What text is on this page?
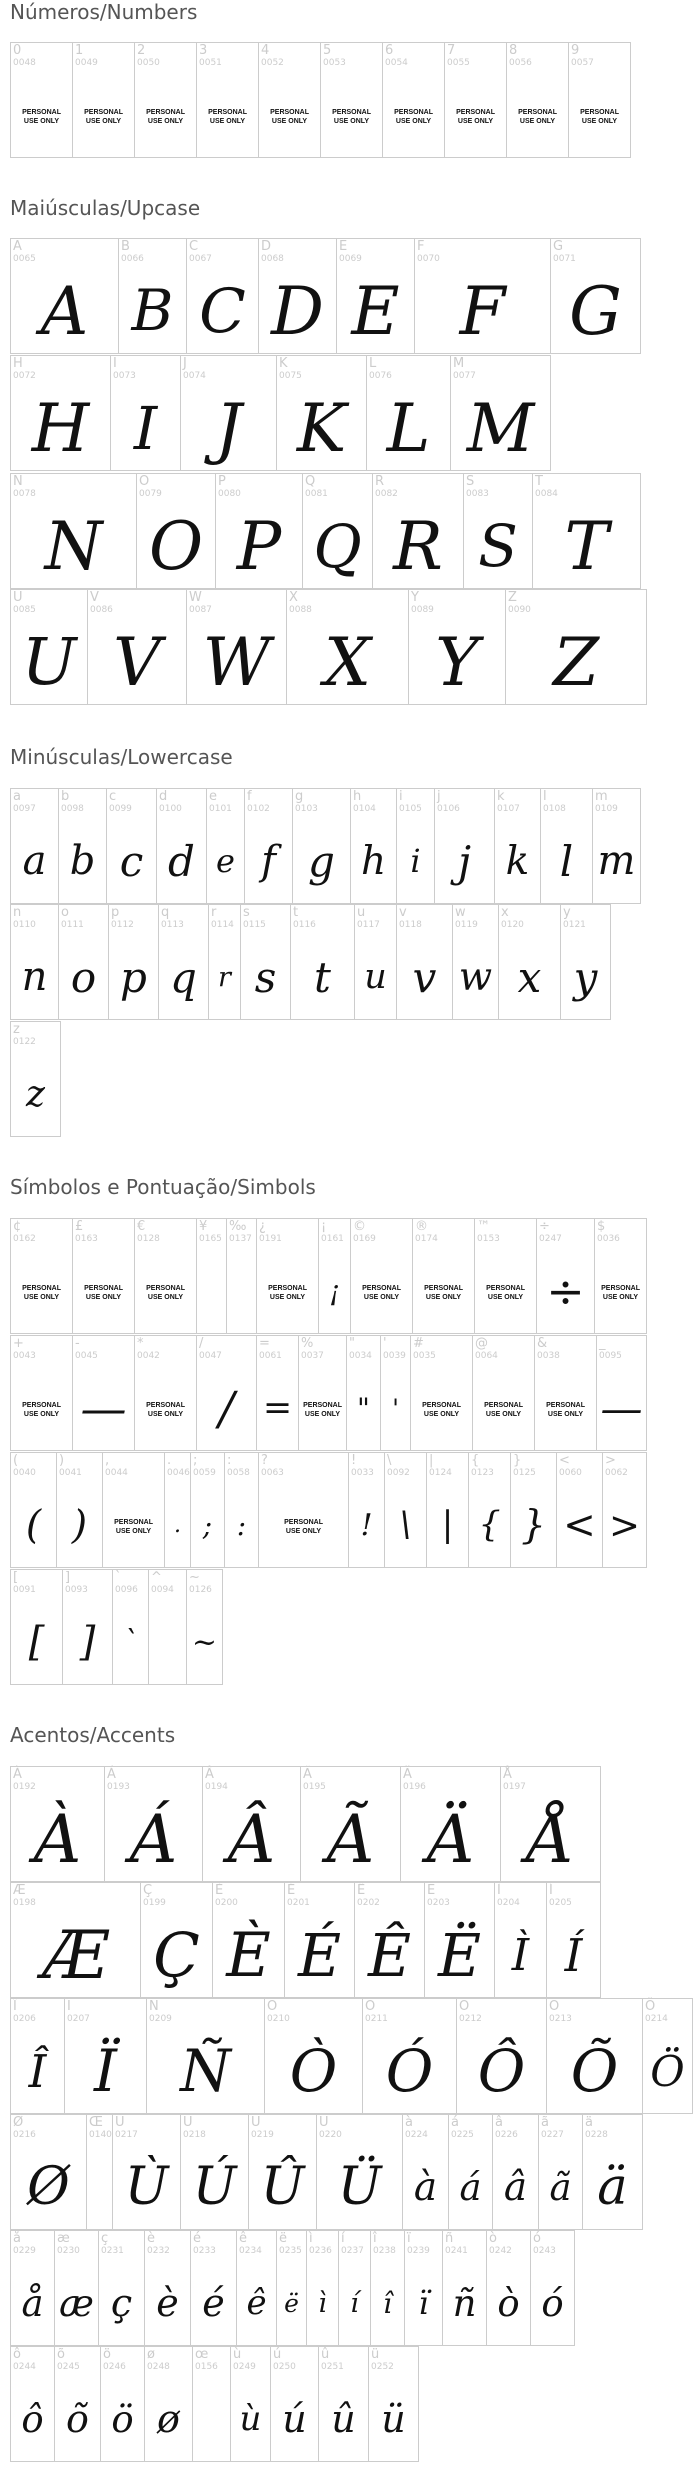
Números/Numbers
Maiúsculas/Upcase
Minúsculas/Lowercase
Símbolos e Pontuação/Simbols
Acentos/Accents
0
0048
PERSONAL USE ONLY
1
0049
PERSONAL USE ONLY
2
0050
PERSONAL USE ONLY
3
0051
PERSONAL USE ONLY
4
0052
PERSONAL USE ONLY
5
0053
PERSONAL USE ONLY
6
0054
PERSONAL USE ONLY
7
0055
PERSONAL USE ONLY
8
0056
PERSONAL USE ONLY
9
0057
PERSONAL USE ONLY
A
0065
A
B
0066
B
C
0067
C
D
0068
D
E
0069
E
F
0070
F
G
0071
G
H
0072
H
I
0073
I
J
0074
J
K
0075
K
L
0076
L
M
0077
M
N
0078
N
O
0079
O
P
0080
P
Q
0081
Q
R
0082
R
S
0083
S
T
0084
T
U
0085
U
V
0086
V
W
0087
W
X
0088
X
Y
0089
Y
Z
0090
Z
a
0097
a
b
0098
b
c
0099
c
d
0100
d
e
0101
e
f
0102
f
g
0103
g
h
0104
h
i
0105
i
j
0106
j
k
0107
k
l
0108
l
m
0109
m
n
0110
n
o
0111
o
p
0112
p
q
0113
q
r
0114
r
s
0115
s
t
0116
t
u
0117
u
v
0118
v
w
0119
w
x
0120
x
y
0121
y
z
0122
z
¢
0162
PERSONAL USE ONLY
£
0163
PERSONAL USE ONLY
€
0128
PERSONAL USE ONLY
¥
0165
‰
0137
¿
0191
PERSONAL USE ONLY
¡
0161
¡
©
0169
PERSONAL USE ONLY
®
0174
PERSONAL USE ONLY
™
0153
PERSONAL USE ONLY
÷
0247
÷
$
0036
PERSONAL USE ONLY
+
0043
PERSONAL USE ONLY
-
0045
—
*
0042
PERSONAL USE ONLY
/
0047
/
=
0061
=
%
0037
PERSONAL USE ONLY
"
0034
"
'
0039
'
#
0035
PERSONAL USE ONLY
@
0064
PERSONAL USE ONLY
&
0038
PERSONAL USE ONLY
_
0095
—
(
0040
(
)
0041
)
,
0044
PERSONAL USE ONLY
.
0046
.
;
0059
;
:
0058
:
?
0063
PERSONAL USE ONLY
!
0033
!
\
0092
\
|
0124
|
{
0123
{
}
0125
}
<
0060
<
>
0062
>
[
0091
[
]
0093
]
`
0096
`
^
0094
~
0126
~
À
0192
À
Á
0193
Á
Â
0194
Â
Ã
0195
Ã
Ä
0196
Ä
Å
0197
Å
Æ
0198
Æ
Ç
0199
Ç
È
0200
È
É
0201
É
Ê
0202
Ê
Ë
0203
Ë
Ì
0204
Ì
Í
0205
Í
Î
0206
Î
Ï
0207
Ï
Ñ
0209
Ñ
Ò
0210
Ò
Ó
0211
Ó
Ô
0212
Ô
Õ
0213
Õ
Ö
0214
Ö
Ø
0216
Ø
Œ
0140
Ù
0217
Ù
Ú
0218
Ú
Û
0219
Û
Ü
0220
Ü
à
0224
à
á
0225
á
â
0226
â
ã
0227
ã
ä
0228
ä
å
0229
å
æ
0230
æ
ç
0231
ç
è
0232
è
é
0233
é
ê
0234
ê
ë
0235
ë
ì
0236
ì
í
0237
í
î
0238
î
ï
0239
ï
ñ
0241
ñ
ò
0242
ò
ó
0243
ó
ô
0244
ô
õ
0245
õ
ö
0246
ö
ø
0248
ø
œ
0156
ù
0249
ù
ú
0250
ú
û
0251
û
ü
0252
ü
